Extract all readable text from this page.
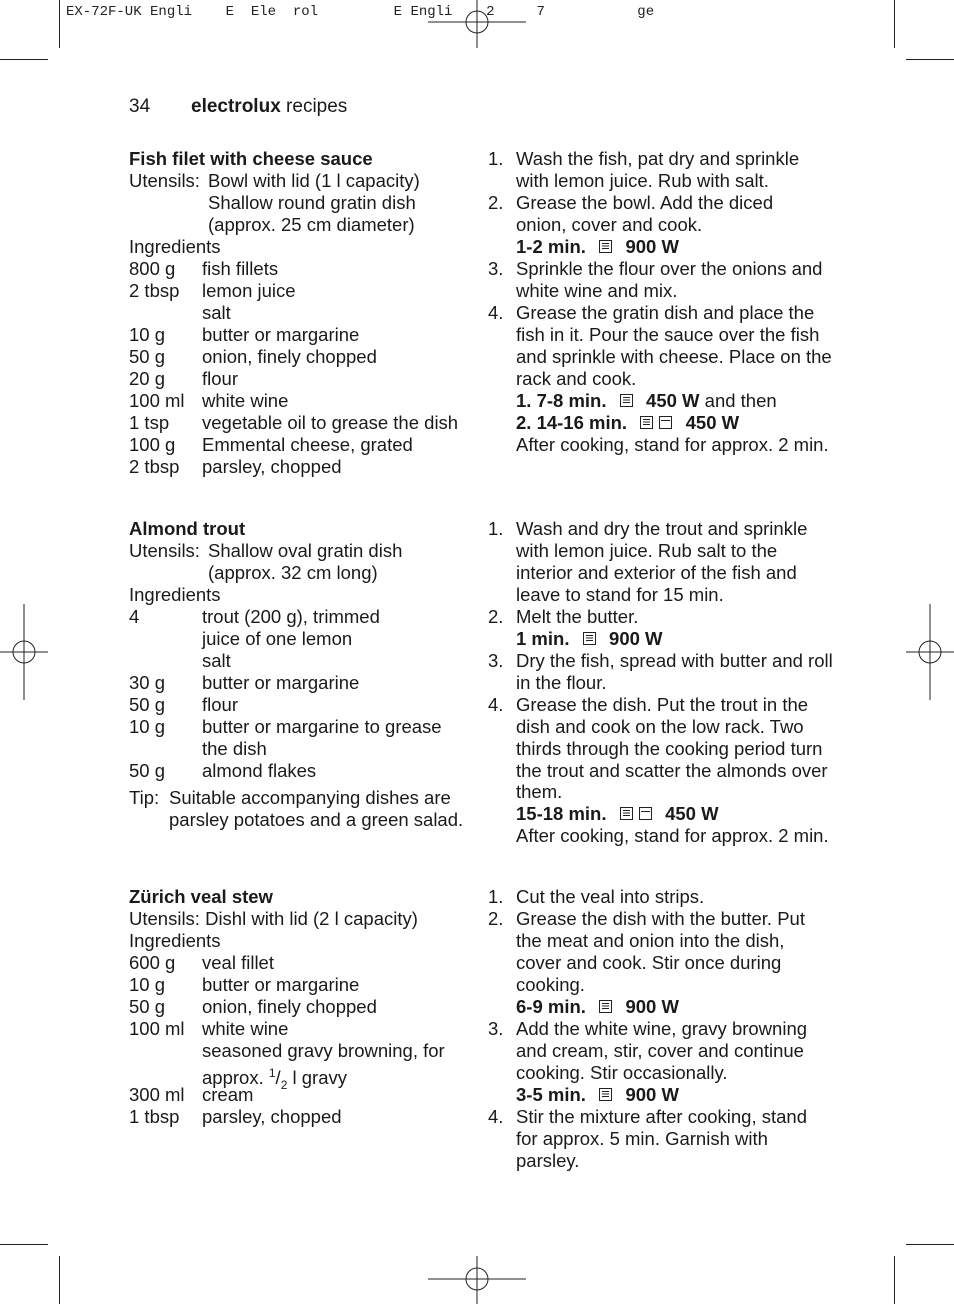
EX-72F-UK Engli    E  Ele  rol         E Engli    2     7           ge
34 electrolux recipes
Fish filet with cheese sauce
Utensils: Bowl with lid (1 l capacity)
Shallow round gratin dish
(approx. 25 cm diameter)
Ingredients
800 g fish fillets
2 tbsp lemon juice
salt
10 g butter or margarine
50 g onion, finely chopped
20 g flour
100 ml white wine
1 tsp vegetable oil to grease the dish
100 g Emmental cheese, grated
2 tbsp parsley, chopped
1. Wash the fish, pat dry and sprinkle
with lemon juice. Rub with salt.
2. Grease the bowl. Add the diced
onion, cover and cook.
1-2 min. 900 W
3. Sprinkle the flour over the onions and
white wine and mix.
4. Grease the gratin dish and place the
fish in it. Pour the sauce over the fish
and sprinkle with cheese. Place on the
rack and cook.
1. 7-8 min. 450 W and then
2. 14-16 min.	450 W
After cooking, stand for approx. 2 min.
Almond trout
Utensils: Shallow oval gratin dish
(approx. 32 cm long)
Ingredients
4	trout (200 g), trimmed
juice of one lemon
salt
30 g butter or margarine
50 g flour
10 g butter or margarine to grease
the dish
50 g almond flakes
Tip: Suitable accompanying dishes are
parsley potatoes and a green salad.
1. Wash and dry the trout and sprinkle
with lemon juice. Rub salt to the
interior and exterior of the fish and
leave to stand for 15 min.
2. Melt the butter.
1 min. 900 W
3. Dry the fish, spread with butter and roll
in the flour.
4. Grease the dish. Put the trout in the
dish and cook on the low rack. Two
thirds through the cooking period turn
the trout and scatter the almonds over
them.
15-18 min.	450 W
After cooking, stand for approx. 2 min.
Zürich veal stew
Utensils: Dishl with lid (2 l capacity)
Ingredients
600 g veal fillet
10 g butter or margarine
50 g onion, finely chopped
100 ml white wine
seasoned gravy browning, for
approx. $^1/_2$ l gravy
300 ml cream
1 tbsp parsley, chopped
1. Cut the veal into strips.
2. Grease the dish with the butter. Put
the meat and onion into the dish,
cover and cook. Stir once during
cooking.
6-9 min. 900 W
3. Add the white wine, gravy browning
and cream, stir, cover and continue
cooking. Stir occasionally.
3-5 min. 900 W
4. Stir the mixture after cooking, stand
for approx. 5 min. Garnish with
parsley.
